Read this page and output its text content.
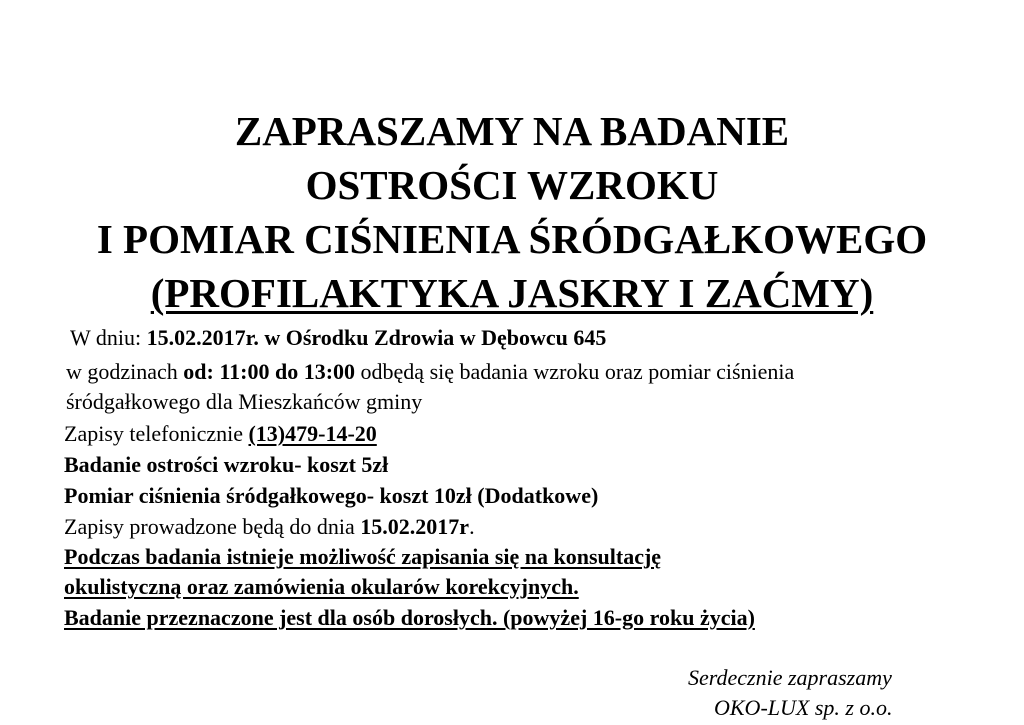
ZAPRASZAMY NA BADANIE
OSTROŚCI WZROKU
I POMIAR CIŚNIENIA ŚRÓDGAŁKOWEGO
(PROFILAKTYKA JASKRY I ZAĆMY)
W dniu: 15.02.2017r. w Ośrodku Zdrowia w Dębowcu 645
w godzinach od: 11:00 do 13:00 odbędą się badania wzroku oraz pomiar ciśnienia
śródgałkowego dla Mieszkańców gminy
Zapisy telefonicznie (13)479-14-20
Badanie ostrości wzroku- koszt 5zł
Pomiar ciśnienia śródgałkowego- koszt 10zł (Dodatkowe)
Zapisy prowadzone będą do dnia 15.02.2017r.
Podczas badania istnieje możliwość zapisania się na konsultację
okulistyczną oraz zamówienia okularów korekcyjnych.
Badanie przeznaczone jest dla osób dorosłych. (powyżej 16-go roku życia)
Serdecznie zapraszamy
OKO-LUX sp. z o.o.
